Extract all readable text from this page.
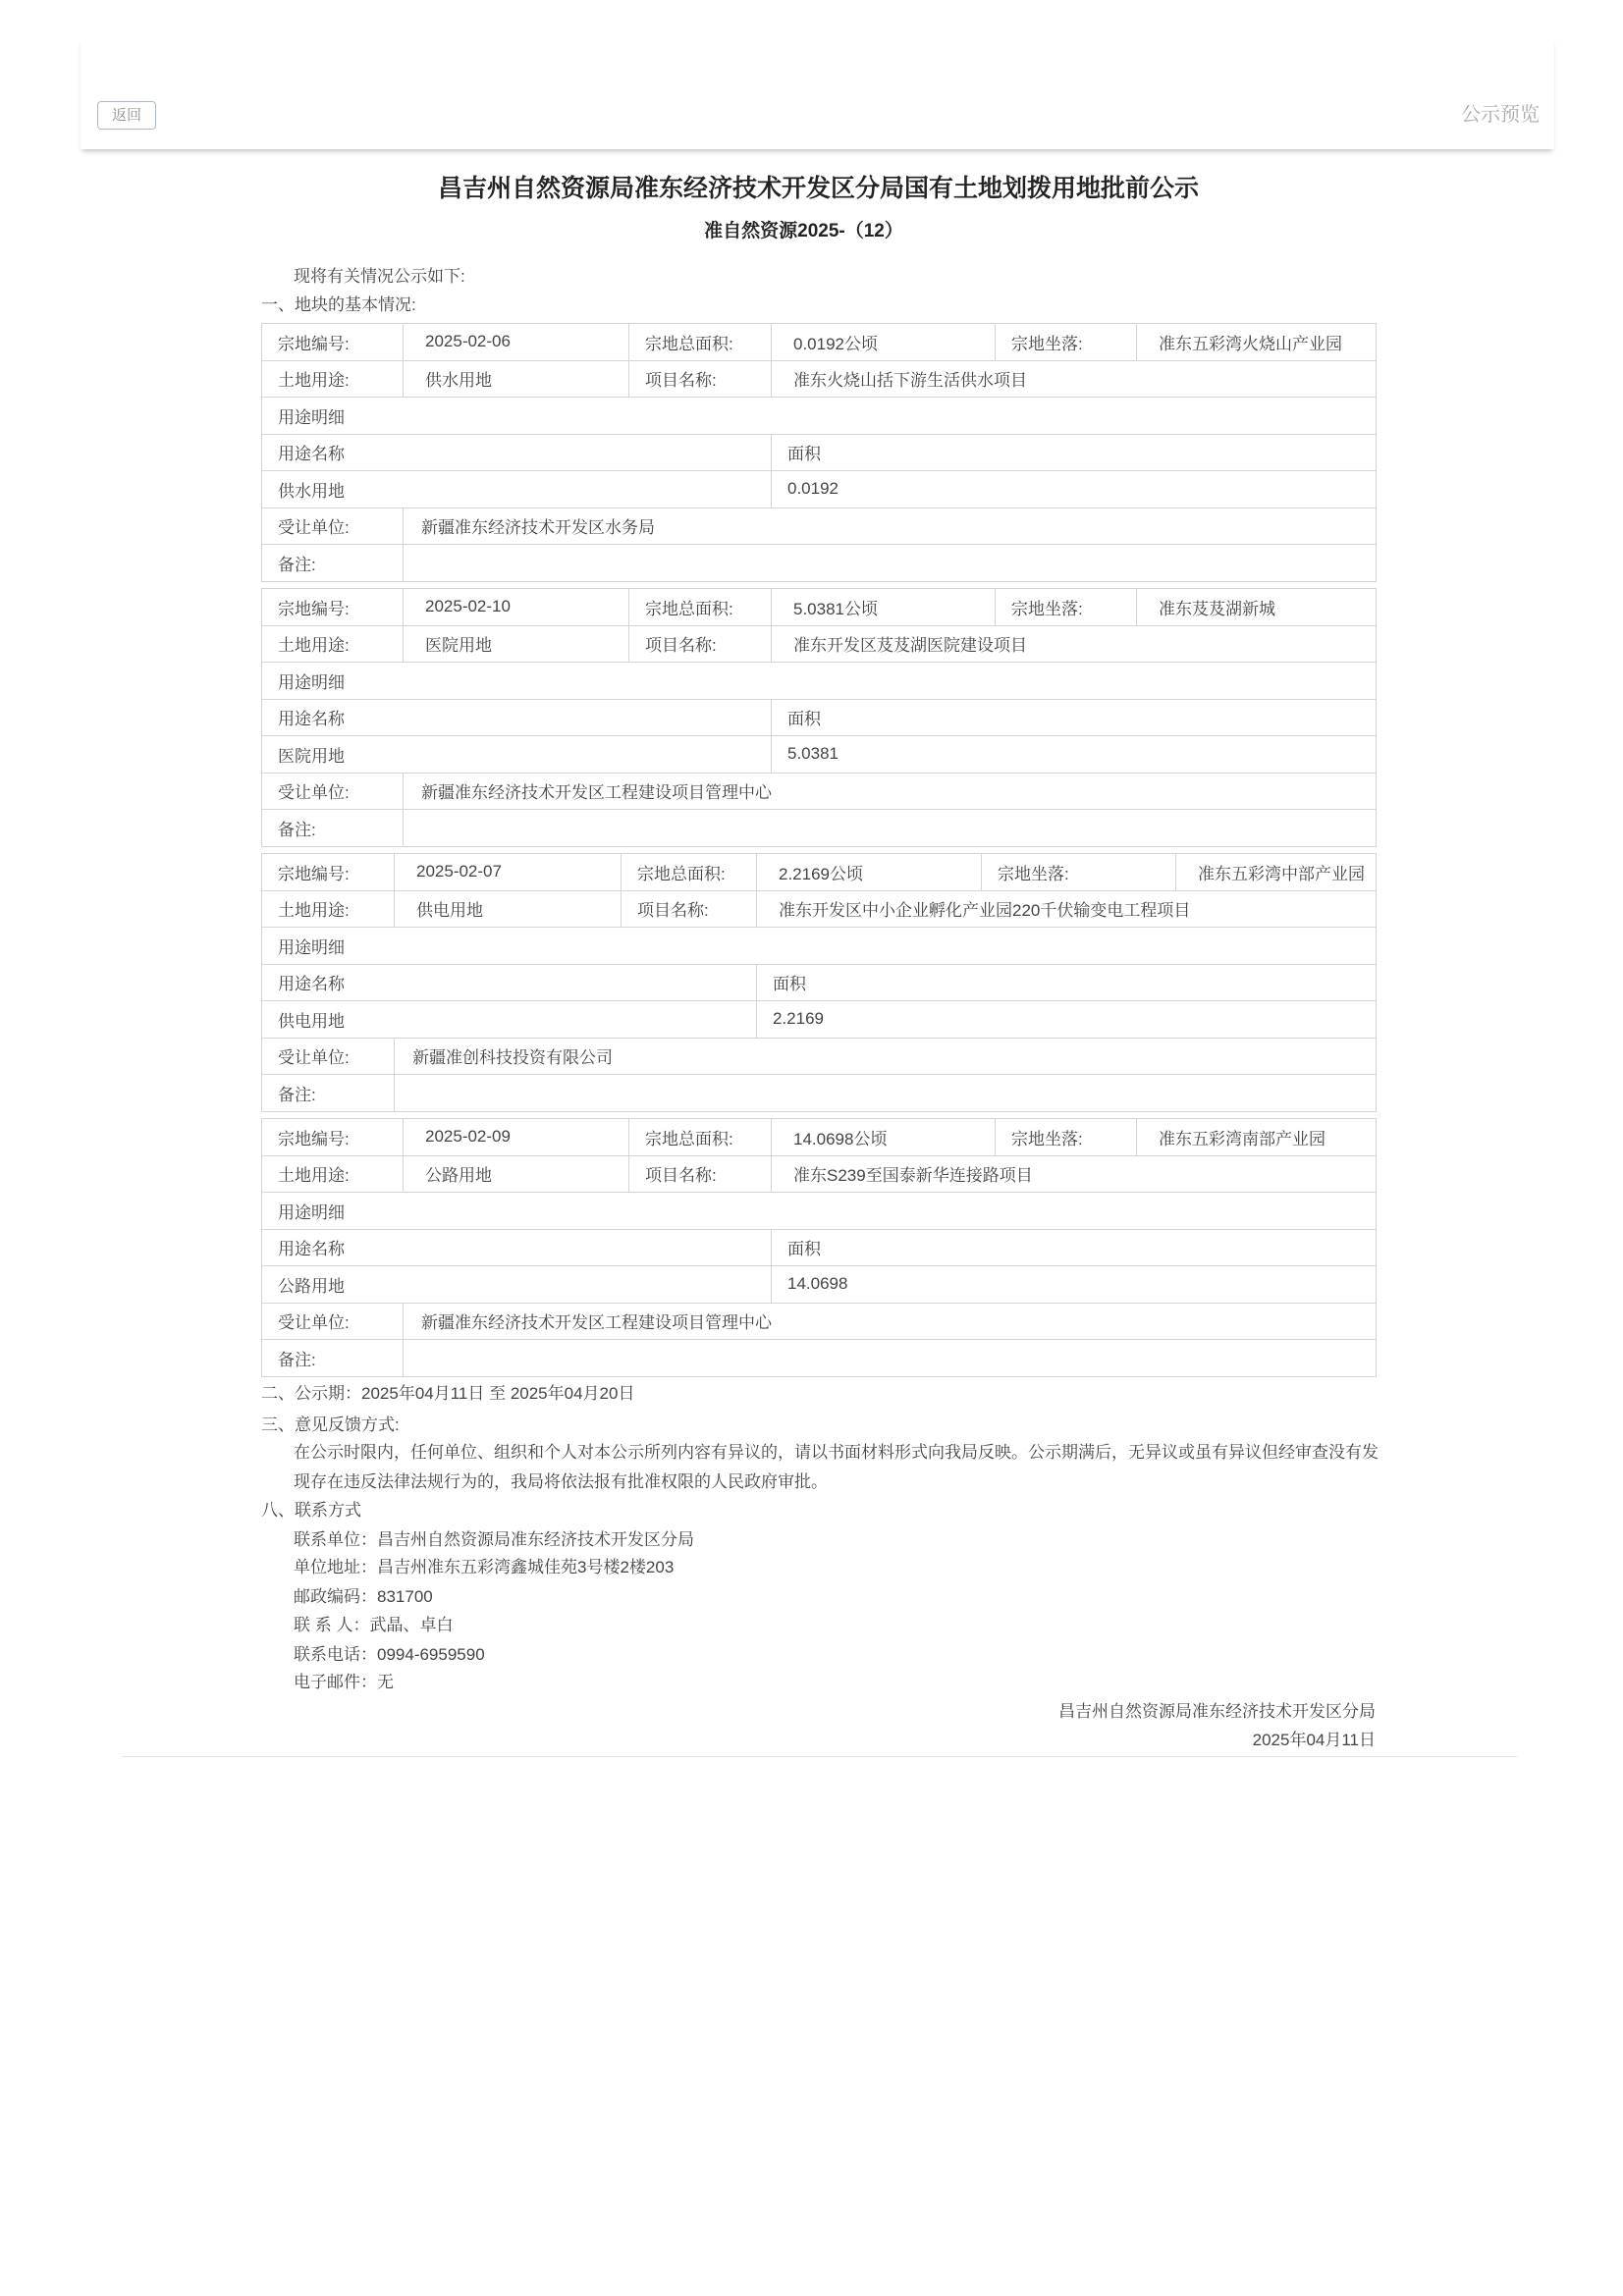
返回	公示预览
昌吉州自然资源局准东经济技术开发区分局国有土地划拨用地批前公示
准自然资源2025-（12）
现将有关情况公示如下:
一、地块的基本情况:
宗地编号:	2025-02-06	宗地总面积:	0.0192公顷	宗地坐落:	准东五彩湾火烧山产业园
土地用途:	供水用地	项目名称:	准东火烧山括下游生活供水项目		
用途明细					
用途名称			面积		
供水用地			0.0192		
受让单位:	新疆准东经济技术开发区水务局				
备注:					
宗地编号:	2025-02-10	宗地总面积:	5.0381公顷	宗地坐落:	准东芨芨湖新城
土地用途:	医院用地	项目名称:	准东开发区芨芨湖医院建设项目		
用途明细					
用途名称			面积		
医院用地			5.0381		
受让单位:	新疆准东经济技术开发区工程建设项目管理中心				
备注:					
宗地编号:	2025-02-07	宗地总面积:	2.2169公顷	宗地坐落:	准东五彩湾中部产业园
土地用途:	供电用地	项目名称:	准东开发区中小企业孵化产业园220千伏输变电工程项目		
用途明细					
用途名称			面积		
供电用地			2.2169		
受让单位:	新疆准创科技投资有限公司				
备注:					
宗地编号:	2025-02-09	宗地总面积:	14.0698公顷	宗地坐落:	准东五彩湾南部产业园
土地用途:	公路用地	项目名称:	准东S239至国泰新华连接路项目		
用途明细					
用途名称			面积		
公路用地			14.0698		
受让单位:	新疆准东经济技术开发区工程建设项目管理中心				
备注:					
二、公示期：2025年04月11日 至 2025年04月20日
三、意见反馈方式:
在公示时限内，任何单位、组织和个人对本公示所列内容有异议的，请以书面材料形式向我局反映。公示期满后，无异议或虽有异议但经审查没有发
现存在违反法律法规行为的，我局将依法报有批准权限的人民政府审批。
八、联系方式
联系单位：昌吉州自然资源局准东经济技术开发区分局
单位地址：昌吉州准东五彩湾鑫城佳苑3号楼2楼203
邮政编码：831700
联 系 人：武晶、卓白
联系电话：0994-6959590
电子邮件：无
昌吉州自然资源局准东经济技术开发区分局
2025年04月11日
